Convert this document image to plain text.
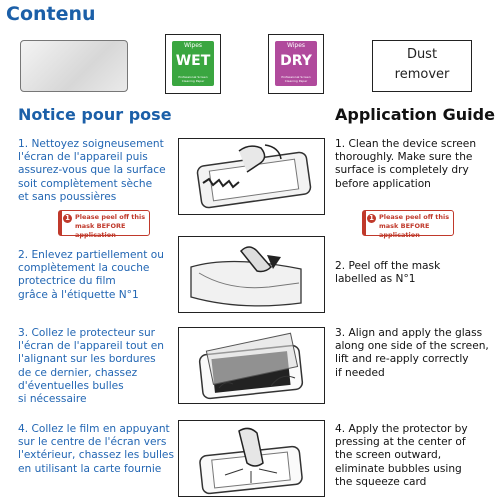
Contenu
Wipes
WET
Professional Screen Cleaning Paper
Wipes
DRY
Professional Screen Cleaning Paper
Dust
remover
Notice pour pose	Application Guide
1. Nettoyez soigneusement
l'écran de l'appareil puis
assurez-vous que la surface
soit complètement sèche
et sans poussières
1 Please peel off this
mask BEFORE application
1. Clean the device screen
thoroughly. Make sure the
surface is completely dry
before application
1 Please peel off this
mask BEFORE application
2. Enlevez partiellement ou
complètement la couche
protectrice du film
grâce à l'étiquette N°1
2. Peel off the mask
labelled as N°1
3. Collez le protecteur sur
l'écran de l'appareil tout en
l'alignant sur les bordures
de ce dernier, chassez
d'éventuelles bulles
si nécessaire
3. Align and apply the glass
along one side of the screen,
lift and re-apply correctly
if needed
4. Collez le film en appuyant
sur le centre de l'écran vers
l'extérieur, chassez les bulles
en utilisant la carte fournie
4. Apply the protector by
pressing at the center of
the screen outward,
eliminate bubbles using
the squeeze card
